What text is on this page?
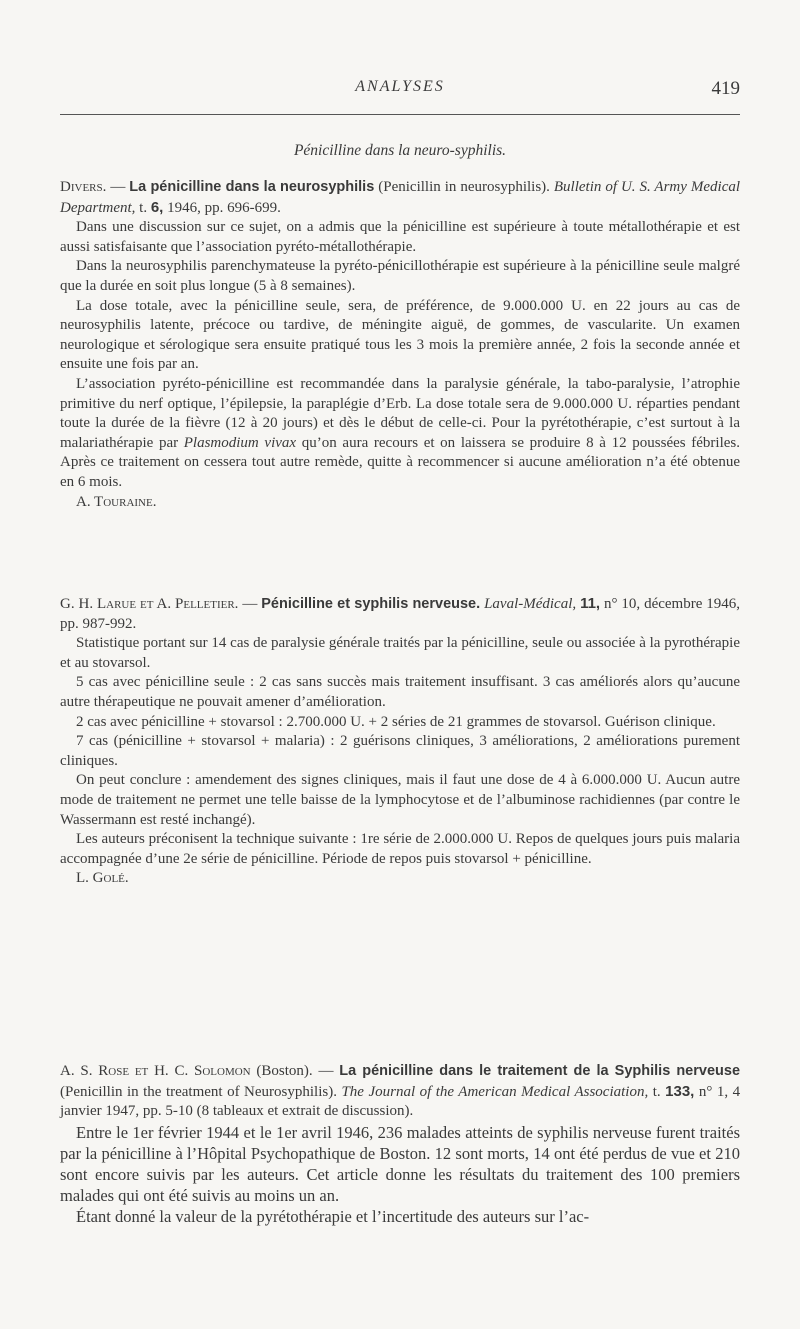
ANALYSES	419
Pénicilline dans la neuro-syphilis.

Divers. — La pénicilline dans la neurosyphilis (Penicillin in neurosyphilis). Bulletin of U. S. Army Medical Department, t. 6, 1946, pp. 696-699.

Dans une discussion sur ce sujet, on a admis que la pénicilline est supérieure à toute métallothérapie et est aussi satisfaisante que l’association pyréto-métallothérapie.

Dans la neurosyphilis parenchymateuse la pyréto-pénicillothérapie est supérieure à la pénicilline seule malgré que la durée en soit plus longue (5 à 8 semaines).

La dose totale, avec la pénicilline seule, sera, de préférence, de 9.000.000 U. en 22 jours au cas de neurosyphilis latente, précoce ou tardive, de méningite aiguë, de gommes, de vascularite. Un examen neurologique et sérologique sera ensuite pratiqué tous les 3 mois la première année, 2 fois la seconde année et ensuite une fois par an.

L’association pyréto-pénicilline est recommandée dans la paralysie générale, la tabo-paralysie, l’atrophie primitive du nerf optique, l’épilepsie, la paraplégie d’Erb. La dose totale sera de 9.000.000 U. réparties pendant toute la durée de la fièvre (12 à 20 jours) et dès le début de celle-ci. Pour la pyrétothérapie, c’est surtout à la malariathérapie par Plasmodium vivax qu’on aura recours et on laissera se produire 8 à 12 poussées fébriles. Après ce traitement on cessera tout autre remède, quitte à recommencer si aucune amélioration n’a été obtenue en 6 mois.

A. Touraine.

G. H. Larue et A. Pelletier. — Pénicilline et syphilis nerveuse. Laval-Médical, 11, n° 10, décembre 1946, pp. 987-992.

Statistique portant sur 14 cas de paralysie générale traités par la pénicilline, seule ou associée à la pyrothérapie et au stovarsol.

5 cas avec pénicilline seule : 2 cas sans succès mais traitement insuffisant. 3 cas améliorés alors qu’aucune autre thérapeutique ne pouvait amener d’amélioration.

2 cas avec pénicilline + stovarsol : 2.700.000 U. + 2 séries de 21 grammes de stovarsol. Guérison clinique.

7 cas (pénicilline + stovarsol + malaria) : 2 guérisons cliniques, 3 améliorations, 2 améliorations purement cliniques.

On peut conclure : amendement des signes cliniques, mais il faut une dose de 4 à 6.000.000 U. Aucun autre mode de traitement ne permet une telle baisse de la lymphocytose et de l’albuminose rachidiennes (par contre le Wassermann est resté inchangé).

Les auteurs préconisent la technique suivante : 1re série de 2.000.000 U. Repos de quelques jours puis malaria accompagnée d’une 2e série de pénicilline. Période de repos puis stovarsol + pénicilline.

L. Golé.

A. S. Rose et H. C. Solomon (Boston). — La pénicilline dans le traitement de la Syphilis nerveuse (Penicillin in the treatment of Neurosyphilis). The Journal of the American Medical Association, t. 133, n° 1, 4 janvier 1947, pp. 5-10 (8 tableaux et extrait de discussion).

Entre le 1er février 1944 et le 1er avril 1946, 236 malades atteints de syphilis nerveuse furent traités par la pénicilline à l’Hôpital Psychopathique de Boston. 12 sont morts, 14 ont été perdus de vue et 210 sont encore suivis par les auteurs. Cet article donne les résultats du traitement des 100 premiers malades qui ont été suivis au moins un an.

Étant donné la valeur de la pyrétothérapie et l’incertitude des auteurs sur l’ac-
